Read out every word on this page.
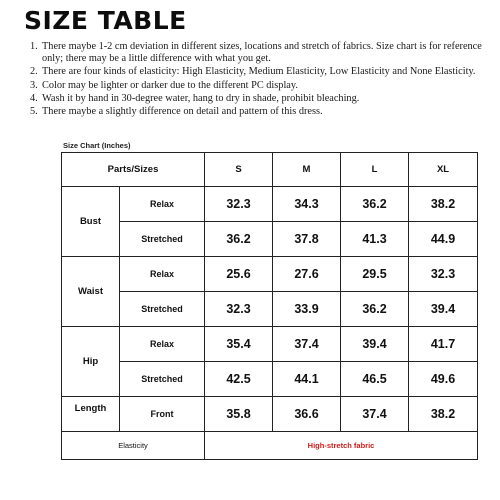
SIZE TABLE
1. There maybe 1-2 cm deviation in different sizes, locations and stretch of fabrics. Size chart is for reference only; there may be a little difference with what you get.
2. There are four kinds of elasticity: High Elasticity, Medium Elasticity, Low Elasticity and None Elasticity.
3. Color may be lighter or darker due to the different PC display.
4. Wash it by hand in 30-degree water, hang to dry in shade, prohibit bleaching.
5. There maybe a slightly difference on detail and pattern of this dress.
Size Chart (Inches)
Parts/Sizes		S	M	L	XL
Bust	Relax	32.3	34.3	36.2	38.2
	Stretched	36.2	37.8	41.3	44.9
Waist	Relax	25.6	27.6	29.5	32.3
	Stretched	32.3	33.9	36.2	39.4
Hip	Relax	35.4	37.4	39.4	41.7
	Stretched	42.5	44.1	46.5	49.6
Length	Front	35.8	36.6	37.4	38.2
Elasticity		High-stretch fabric			
